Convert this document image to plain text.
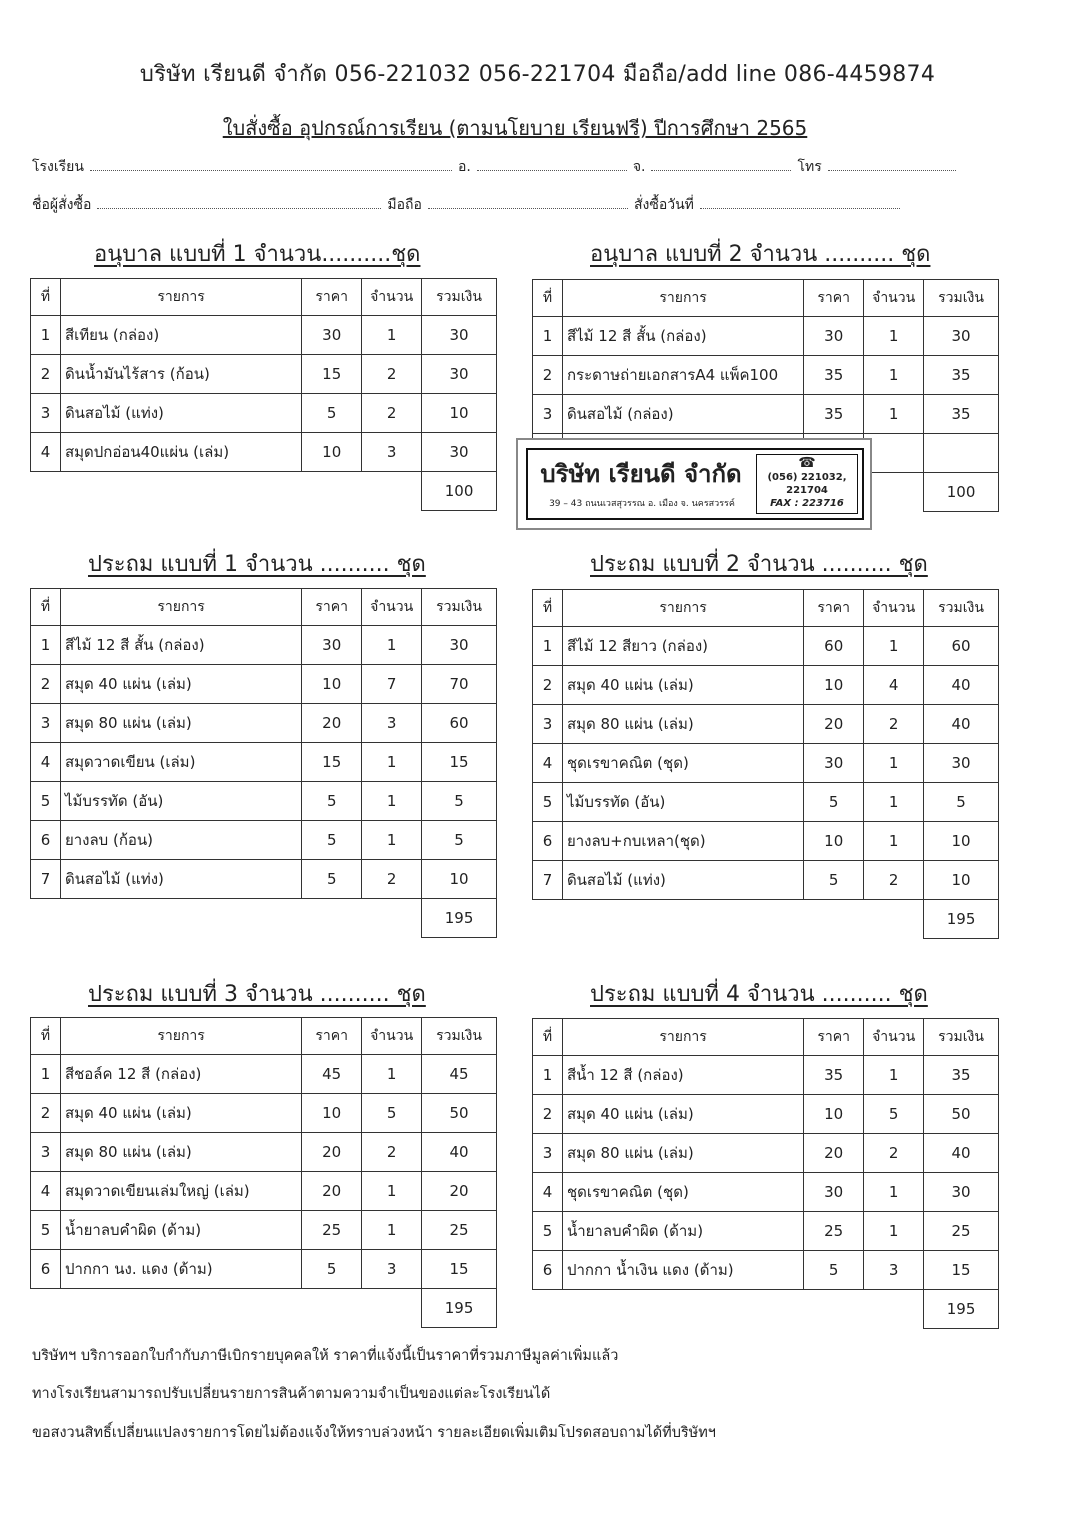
บริษัท เรียนดี จำกัด 056-221032 056-221704 มือถือ/add line 086-4459874
ใบสั่งซื้อ อุปกรณ์การเรียน (ตามนโยบาย เรียนฟรี) ปีการศึกษา 2565
โรงเรียน	อ.	จ.	โทร
ชื่อผู้สั่งซื้อ	มือถือ	สั่งซื้อวันที่
อนุบาล แบบที่ 1 จำนวน..........ชุด	อนุบาล แบบที่ 2 จำนวน .......... ชุด
ประถม แบบที่ 1 จำนวน .......... ชุด	ประถม แบบที่ 2 จำนวน .......... ชุด
ประถม แบบที่ 3 จำนวน .......... ชุด	ประถม แบบที่ 4 จำนวน .......... ชุด
ที่	รายการ	ราคา	จำนวน	รวมเงิน
1	สีเทียน (กล่อง)	30	1	30
2	ดินน้ำมันไร้สาร (ก้อน)	15	2	30
3	ดินสอไม้ (แท่ง)	5	2	10
4	สมุดปกอ่อน40แผ่น (เล่ม)	10	3	30
				100
ที่	รายการ	ราคา	จำนวน	รวมเงิน
1	สีไม้ 12 สี สั้น (กล่อง)	30	1	30
2	กระดาษถ่ายเอกสารA4 แพ็ค100	35	1	35
3	ดินสอไม้ (กล่อง)	35	1	35

				100
ที่	รายการ	ราคา	จำนวน	รวมเงิน
1	สีไม้ 12 สี สั้น (กล่อง)	30	1	30
2	สมุด 40 แผ่น (เล่ม)	10	7	70
3	สมุด 80 แผ่น (เล่ม)	20	3	60
4	สมุดวาดเขียน (เล่ม)	15	1	15
5	ไม้บรรทัด (อัน)	5	1	5
6	ยางลบ (ก้อน)	5	1	5
7	ดินสอไม้ (แท่ง)	5	2	10
				195
ที่	รายการ	ราคา	จำนวน	รวมเงิน
1	สีไม้ 12 สียาว (กล่อง)	60	1	60
2	สมุด 40 แผ่น (เล่ม)	10	4	40
3	สมุด 80 แผ่น (เล่ม)	20	2	40
4	ชุดเรขาคณิต (ชุด)	30	1	30
5	ไม้บรรทัด (อัน)	5	1	5
6	ยางลบ+กบเหลา(ชุด)	10	1	10
7	ดินสอไม้ (แท่ง)	5	2	10
				195
ที่	รายการ	ราคา	จำนวน	รวมเงิน
1	สีชอล์ค 12 สี (กล่อง)	45	1	45
2	สมุด 40 แผ่น (เล่ม)	10	5	50
3	สมุด 80 แผ่น (เล่ม)	20	2	40
4	สมุดวาดเขียนเล่มใหญ่ (เล่ม)	20	1	20
5	น้ำยาลบคำผิด (ด้าม)	25	1	25
6	ปากกา นง. แดง (ด้าม)	5	3	15
				195
ที่	รายการ	ราคา	จำนวน	รวมเงิน
1	สีน้ำ 12 สี (กล่อง)	35	1	35
2	สมุด 40 แผ่น (เล่ม)	10	5	50
3	สมุด 80 แผ่น (เล่ม)	20	2	40
4	ชุดเรขาคณิต (ชุด)	30	1	30
5	น้ำยาลบคำผิด (ด้าม)	25	1	25
6	ปากกา น้ำเงิน แดง (ด้าม)	5	3	15
				195
บริษัท เรียนดี จำกัด
39 – 43 ถนนเวสสุวรรณ อ. เมือง จ. นครสวรรค์
☎
(056) 221032,
221704
FAX : 223716
บริษัทฯ บริการออกใบกำกับภาษีเบิกรายบุคคลให้ ราคาที่แจ้งนี้เป็นราคาที่รวมภาษีมูลค่าเพิ่มแล้ว
ทางโรงเรียนสามารถปรับเปลี่ยนรายการสินค้าตามความจำเป็นของแต่ละโรงเรียนได้
ขอสงวนสิทธิ์เปลี่ยนแปลงรายการโดยไม่ต้องแจ้งให้ทราบล่วงหน้า รายละเอียดเพิ่มเติมโปรดสอบถามได้ที่บริษัทฯ
